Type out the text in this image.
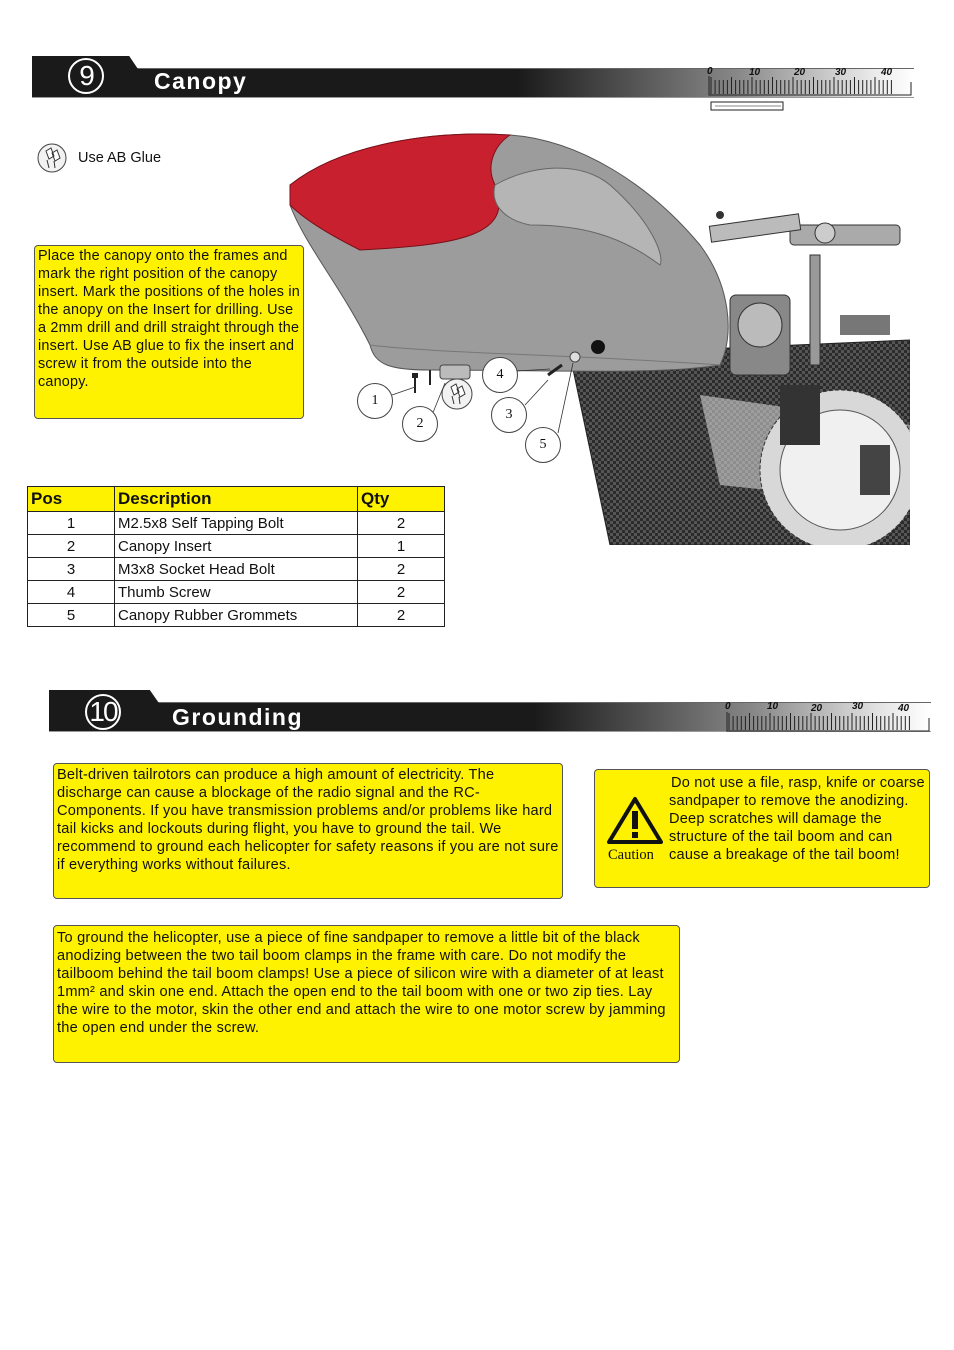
9	Canopy	0	10	20	30	40
Use AB Glue
Place the canopy onto the frames and mark the right position of the canopy insert. Mark the positions of the holes in the anopy on the Insert for drilling. Use a 2mm drill and drill straight through the insert. Use AB glue to fix the insert and screw it from the outside into the canopy.
1
2
3
4
5
Pos	Description	Qty
1	M2.5x8 Self Tapping Bolt	2
2	Canopy Insert	1
3	M3x8 Socket Head Bolt	2
4	Thumb Screw	2
5	Canopy Rubber Grommets	2
10 Grounding	0	10	20	30	40
Belt-driven tailrotors can produce a high amount of electricity. The discharge can cause a blockage of the radio signal and the RC-Components. If you have transmission problems and/or problems like hard tail kicks and lockouts during flight, you have to ground the tail. We recommend to ground each helicopter for safety reasons if you are not sure if everything works without failures.
Caution
Do not use a file, rasp, knife or coarse sandpaper to remove the anodizing. Deep scratches will damage the structure of the tail boom and can cause a breakage of the tail boom!
To ground the helicopter, use a piece of fine sandpaper to remove a little bit of the black anodizing between the two tail boom clamps in the frame with care. Do not modify the tailboom behind the tail boom clamps! Use a piece of silicon wire with a diameter of at least 1mm² and skin one end. Attach the open end to the tail boom with one or two zip ties. Lay the wire to the motor, skin the other end and attach the wire to one motor screw by jamming the open end under the screw.
